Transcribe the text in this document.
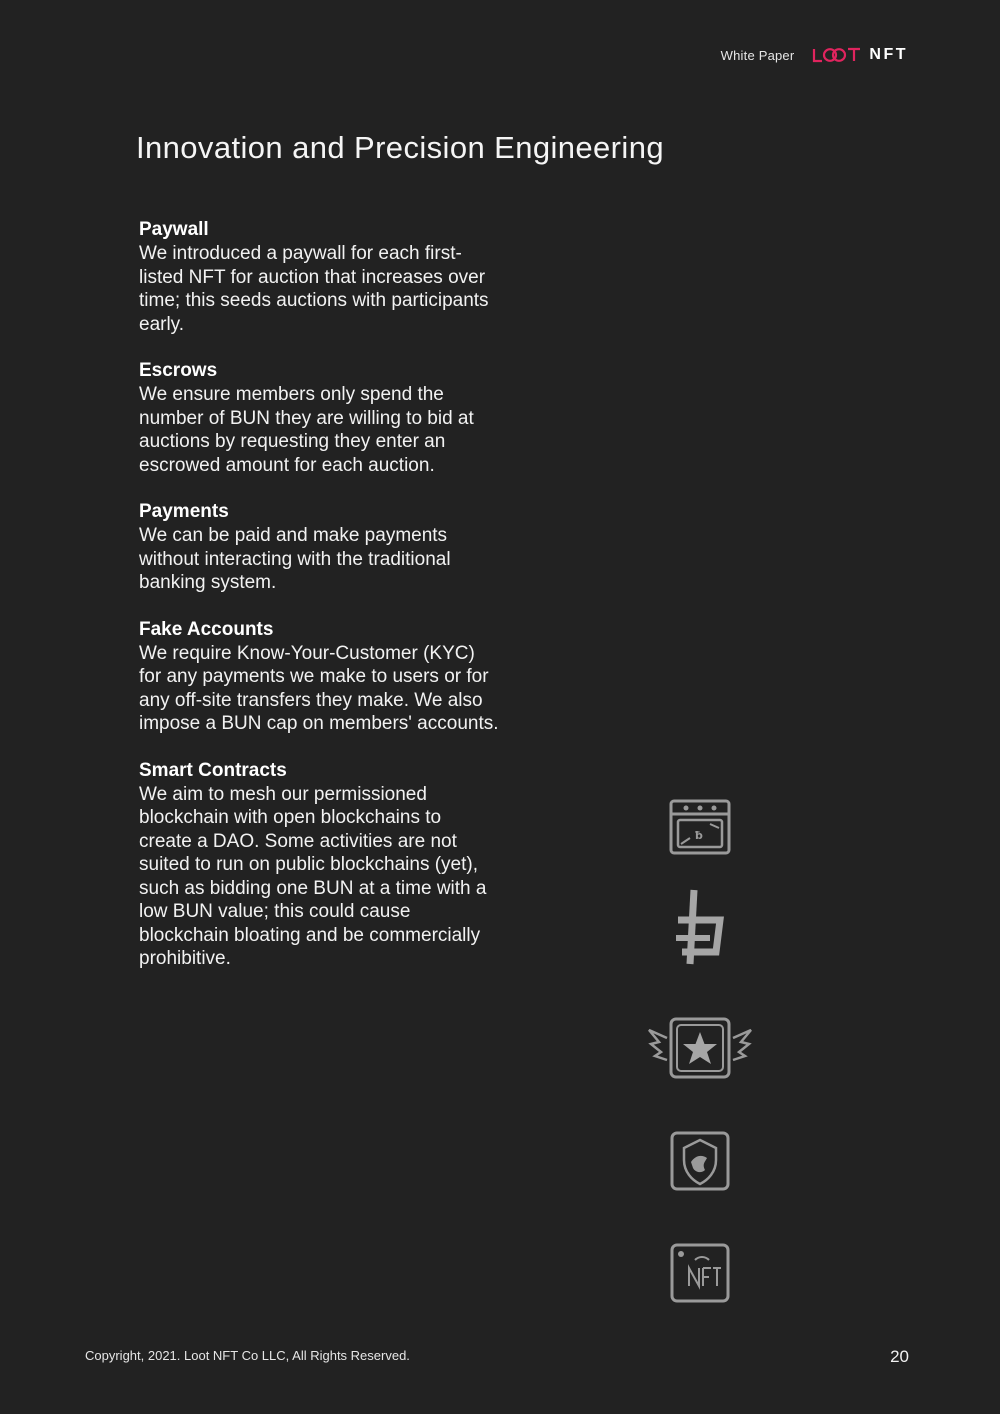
White Paper	NFT
Innovation and Precision Engineering
Paywall

We introduced a paywall for each first-listed NFT for auction that increases over time; this seeds auctions with participants early.

Escrows

We ensure members only spend the number of BUN they are willing to bid at auctions by requesting they enter an escrowed amount for each auction.

Payments

We can be paid and make payments without interacting with the traditional banking system.

Fake Accounts

We require Know-Your-Customer (KYC) for any payments we make to users or for any off-site transfers they make. We also impose a BUN cap on members' accounts.

Smart Contracts

We aim to mesh our permissioned blockchain with open blockchains to create a DAO. Some activities are not suited to run on public blockchains (yet), such as bidding one BUN at a time with a low BUN value; this could cause blockchain bloating and be commercially prohibitive.

ƀ
Copyright, 2021. Loot NFT Co LLC, All Rights Reserved.	20
